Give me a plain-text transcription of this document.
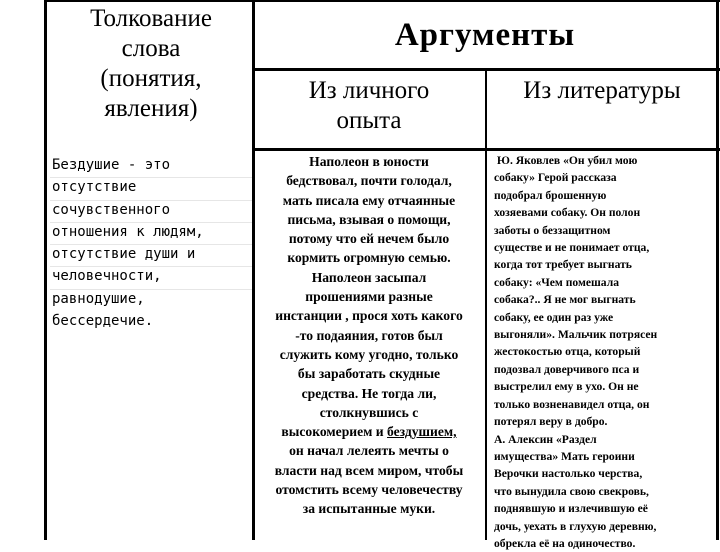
Толкование
слова
(понятия,
явления)
Аргументы
Из личного
опыта
Из литературы
Бездушие - это
отсутствие
сочувственного
отношения к людям,
отсутствие души и
человечности,
равнодушие,
бессердечие.
Наполеон в юности
бедствовал, почти голодал,
мать писала ему отчаянные
письма, взывая о помощи,
потому что ей нечем было
кормить огромную семью.
Наполеон засыпал
прошениями разные
инстанции , прося хоть какого
-то подаяния, готов был
служить кому угодно, только
бы заработать скудные
средства. Не тогда ли,
столкнувшись с
высокомерием и бездушием,
он начал лелеять мечты о
власти над всем миром, чтобы
отомстить всему человечеству
за испытанные муки.
Ю. Яковлев «Он убил мою
собаку» Герой рассказа
подобрал брошенную
хозяевами собаку. Он полон
заботы о беззащитном
существе и не понимает отца,
когда тот требует выгнать
собаку: «Чем помешала
собака?.. Я не мог выгнать
собаку, ее один раз уже
выгоняли». Мальчик потрясен
жестокостью отца, который
подозвал доверчивого пса и
выстрелил ему в ухо. Он не
только возненавидел отца, он
потерял веру в добро.
А. Алексин «Раздел
имущества» Мать героини
Верочки настолько черства,
что вынудила свою свекровь,
поднявшую и излечившую её
дочь, уехать в глухую деревню,
обрекла её на одиночество.
